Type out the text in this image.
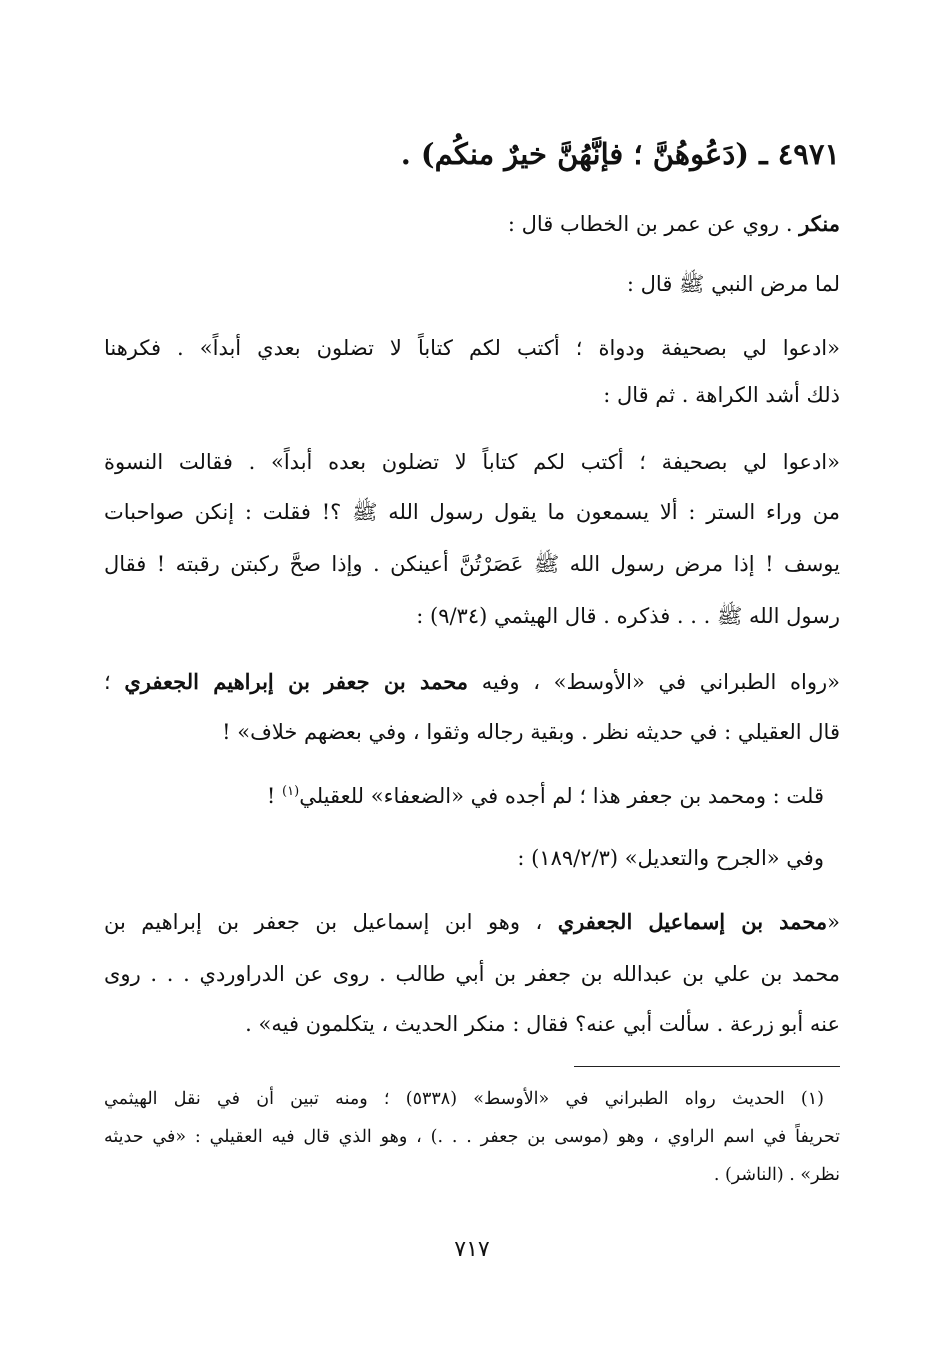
٤٩٧١ ـ (دَعُوهُنَّ ؛ فإنَّهُنَّ خيرٌ منكُم) .
منكر . روي عن عمر بن الخطاب قال :
لما مرض النبي ﷺ قال :
«ادعوا لي بصحيفة ودواة ؛ أكتب لكم كتاباً لا تضلون بعدي أبداً» . فكرهنا
ذلك أشد الكراهة . ثم قال :
«ادعوا لي بصحيفة ؛ أكتب لكم كتاباً لا تضلون بعده أبداً» . فقالت النسوة
من وراء الستر : ألا يسمعون ما يقول رسول الله ﷺ ؟! فقلت : إنكن صواحبات
يوسف ! إذا مرض رسول الله ﷺ عَصَرْتُنَّ أعينكن . وإذا صحَّ ركبتن رقبته ! فقال
رسول الله ﷺ . . . فذكره . قال الهيثمي (٩/٣٤) :
«رواه الطبراني في «الأوسط» ، وفيه محمد بن جعفر بن إبراهيم الجعفري ؛
قال العقيلي : في حديثه نظر . وبقية رجاله وثقوا ، وفي بعضهم خلاف» !
قلت : ومحمد بن جعفر هذا ؛ لم أجده في «الضعفاء» للعقيلي$^{(١)}$ !
وفي «الجرح والتعديل» (١٨٩/٢/٣) :
«محمد بن إسماعيل الجعفري ، وهو ابن إسماعيل بن جعفر بن إبراهيم بن
محمد بن علي بن عبدالله بن جعفر بن أبي طالب . روى عن الدراوردي . . . روى
عنه أبو زرعة . سألت أبي عنه؟ فقال : منكر الحديث ، يتكلمون فيه» .
(١) الحديث رواه الطبراني في «الأوسط» (٥٣٣٨) ؛ ومنه تبين أن في نقل الهيثمي
تحريفاً في اسم الراوي ، وهو (موسى بن جعفر . . .) ، وهو الذي قال فيه العقيلي : «في حديثه
نظر» . (الناشر) .
٧١٧
